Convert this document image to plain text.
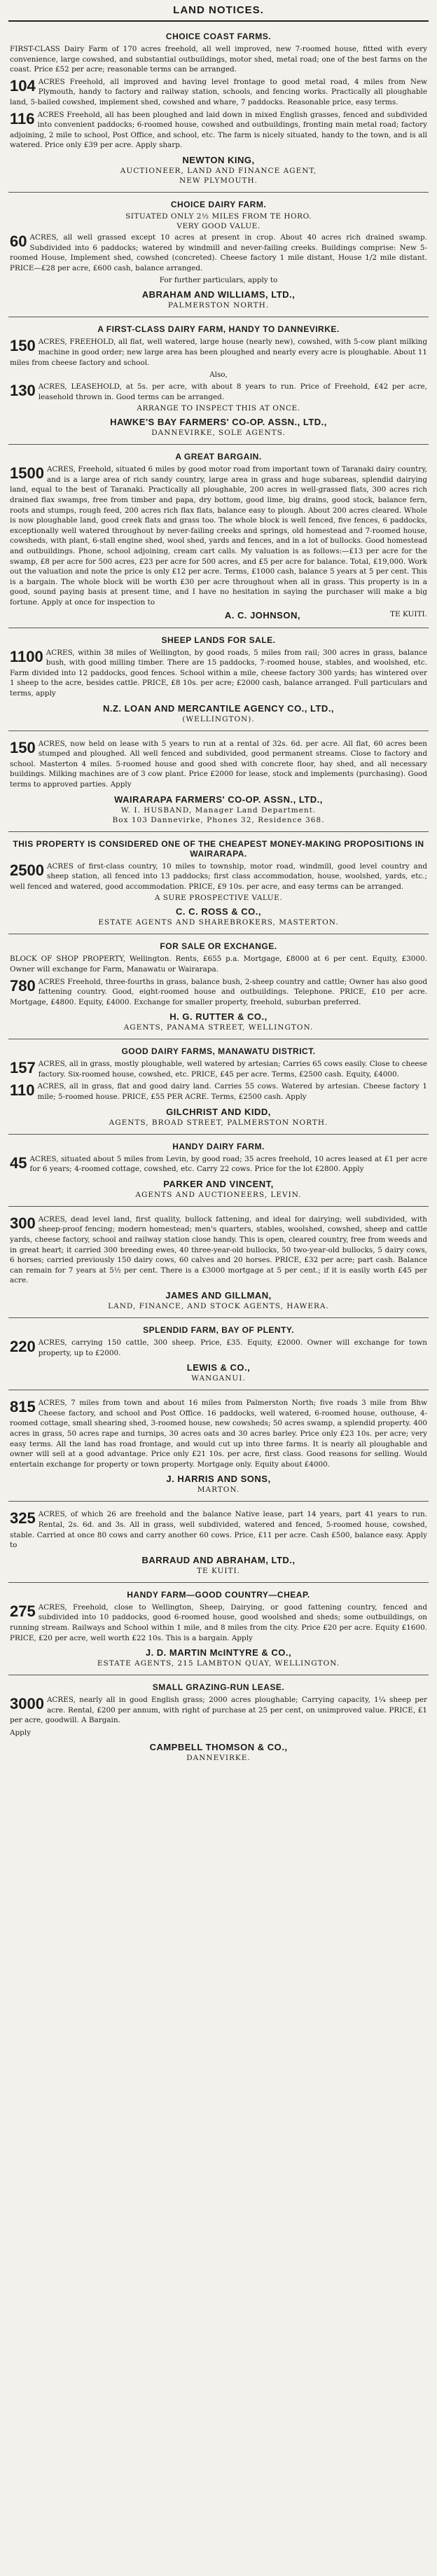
LAND NOTICES.
CHOICE COAST FARMS.
FIRST-CLASS Dairy Farm of 170 acres freehold, all well improved, new 7-roomed house, fitted with every convenience, large cowshed, and substantial outbuildings, motor shed, metal road; one of the best farms on the coast. Price £52 per acre; reasonable terms can be arranged.
104 ACRES Freehold, all improved and having level frontage to good metal road, 4 miles from New Plymouth, handy to factory and railway station, schools, and fencing works. Practically all ploughable land, 5-bailed cowshed, implement shed, cowshed and whare, 7 paddocks. Reasonable price, easy terms.
116 ACRES Freehold, all has been ploughed and laid down in mixed English grasses, fenced and subdivided into convenient paddocks; 6-roomed house, cowshed and outbuildings, fronting main metal road; factory adjoining, 2 mile to school, Post Office, and school, etc. The farm is nicely situated, handy to the town, and is all watered. Price only £39 per acre. Apply sharp.
NEWTON KING,
AUCTIONEER, LAND AND FINANCE AGENT,
NEW PLYMOUTH.
CHOICE DAIRY FARM.
SITUATED ONLY 2½ MILES FROM TE HORO.
VERY GOOD VALUE.
60 ACRES, all well grassed except 10 acres at present in crop. About 40 acres rich drained swamp. Subdivided into 6 paddocks; watered by windmill and never-failing creeks. Buildings comprise: New 5-roomed House, Implement shed, cowshed (concreted). Cheese factory 1 mile distant, House 1/2 mile distant. PRICE—£28 per acre, £600 cash, balance arranged.
For further particulars, apply to
ABRAHAM AND WILLIAMS, LTD.,
PALMERSTON NORTH.
A FIRST-CLASS DAIRY FARM, HANDY TO DANNEVIRKE.
150 ACRES, FREEHOLD, all flat, well watered, large house (nearly new), cowshed, with 5-cow plant milking machine in good order; new large area has been ploughed and nearly every acre is ploughable. About 11 miles from cheese factory and school.
Also,
130 ACRES, LEASEHOLD, at 5s. per acre, with about 8 years to run. Price of Freehold, £42 per acre, leasehold thrown in. Good terms can be arranged.
ARRANGE TO INSPECT THIS AT ONCE.
HAWKE'S BAY FARMERS' CO-OP. ASSN., LTD.,
DANNEVIRKE, SOLE AGENTS.
A GREAT BARGAIN.
1500 ACRES, Freehold, situated 6 miles by good motor road from important town of Taranaki dairy country, and is a large area of rich sandy country, large area in grass and huge subareas, splendid dairying land, equal to the best of Taranaki. Practically all ploughable, 200 acres in well-grassed flats, 300 acres rich drained flax swamps, free from timber and papa, dry bottom, good lime, big drains, good stock, balance fern, roots and stumps, rough feed, 200 acres rich flax flats, balance easy to plough. About 200 acres cleared. Whole is now ploughable land, good creek flats and grass too. The whole block is well fenced, five fences, 6 paddocks, exceptionally well watered throughout by never-failing creeks and springs, old homestead and 7-roomed house, cowsheds, with plant, 6-stall engine shed, wool shed, yards and fences, and in a lot of bullocks. Good homestead and outbuildings. Phone, school adjoining, cream cart calls. My valuation is as follows:—£13 per acre for the swamp, £8 per acre for 500 acres, £23 per acre for 500 acres, and £5 per acre for balance. Total, £19,000. Work out the valuation and note the price is only £12 per acre. Terms, £1000 cash, balance 5 years at 5 per cent. This is a bargain. The whole block will be worth £30 per acre throughout when all in grass. This property is in a good, sound paying basis at present time, and I have no hesitation in saying the purchaser will make a big fortune. Apply at once for inspection to
A. C. JOHNSON,	TE KUITI.
SHEEP LANDS FOR SALE.
1100 ACRES, within 38 miles of Wellington, by good roads, 5 miles from rail; 300 acres in grass, balance bush, with good milling timber. There are 15 paddocks, 7-roomed house, stables, and woolshed, etc. Farm divided into 12 paddocks, good fences. School within a mile, cheese factory 300 yards; has wintered over 1 sheep to the acre, besides cattle. PRICE, £8 10s. per acre; £2000 cash, balance arranged. Full particulars and terms, apply
N.Z. LOAN AND MERCANTILE AGENCY CO., LTD.,
(WELLINGTON).
150 ACRES, now held on lease with 5 years to run at a rental of 32s. 6d. per acre. All flat, 60 acres been stumped and ploughed. All well fenced and subdivided, good permanent streams. Close to factory and school. Masterton 4 miles. 5-roomed house and good shed with concrete floor, hay shed, and all necessary buildings. Milking machines are of 3 cow plant. Price £2000 for lease, stock and implements (purchasing). Good terms to approved parties. Apply
WAIRARAPA FARMERS' CO-OP. ASSN., LTD.,
W. I. HUSBAND, Manager Land Department.
Box 103 Dannevirke, Phones 32, Residence 368.
THIS PROPERTY IS CONSIDERED ONE OF THE CHEAPEST MONEY-MAKING PROPOSITIONS IN WAIRARAPA.
2500 ACRES of first-class country, 10 miles to township, motor road, windmill, good level country and sheep station, all fenced into 13 paddocks; first class accommodation, house, woolshed, yards, etc.; well fenced and watered, good accommodation. PRICE, £9 10s. per acre, and easy terms can be arranged.
A SURE PROSPECTIVE VALUE.
C. C. ROSS & CO.,
ESTATE AGENTS AND SHAREBROKERS, MASTERTON.
FOR SALE OR EXCHANGE.
BLOCK OF SHOP PROPERTY, Wellington. Rents, £655 p.a. Mortgage, £8000 at 6 per cent. Equity, £3000. Owner will exchange for Farm, Manawatu or Wairarapa.
780 ACRES Freehold, three-fourths in grass, balance bush, 2-sheep country and cattle; Owner has also good fattening country. Good, eight-roomed house and outbuildings. Telephone. PRICE, £10 per acre. Mortgage, £4800. Equity, £4000. Exchange for smaller property, freehold, suburban preferred.
H. G. RUTTER & CO.,
AGENTS, PANAMA STREET, WELLINGTON.
GOOD DAIRY FARMS, MANAWATU DISTRICT.
157 ACRES, all in grass, mostly ploughable, well watered by artesian; Carries 65 cows easily. Close to cheese factory. Six-roomed house, cowshed, etc. PRICE, £45 per acre. Terms, £2500 cash. Equity, £4000.
110 ACRES, all in grass, flat and good dairy land. Carries 55 cows. Watered by artesian. Cheese factory 1 mile; 5-roomed house. PRICE, £55 PER ACRE. Terms, £2500 cash. Apply
GILCHRIST AND KIDD,
AGENTS, BROAD STREET, PALMERSTON NORTH.
HANDY DAIRY FARM.
45 ACRES, situated about 5 miles from Levin, by good road; 35 acres freehold, 10 acres leased at £1 per acre for 6 years; 4-roomed cottage, cowshed, etc. Carry 22 cows. Price for the lot £2800. Apply
PARKER AND VINCENT,
AGENTS AND AUCTIONEERS, LEVIN.
300 ACRES, dead level land, first quality, bullock fattening, and ideal for dairying; well subdivided, with sheep-proof fencing; modern homestead; men's quarters, stables, woolshed, cowshed, sheep and cattle yards, cheese factory, school and railway station close handy. This is open, cleared country, free from weeds and in great heart; it carried 300 breeding ewes, 40 three-year-old bullocks, 50 two-year-old bullocks, 5 dairy cows, 6 horses; carried previously 150 dairy cows, 60 calves and 20 horses. PRICE, £32 per acre; part cash. Balance can remain for 7 years at 5½ per cent. There is a £3000 mortgage at 5 per cent.; if it is easily worth £45 per acre.
JAMES AND GILLMAN,
LAND, FINANCE, AND STOCK AGENTS, HAWERA.
SPLENDID FARM, BAY OF PLENTY.
220 ACRES, carrying 150 cattle, 300 sheep. Price, £35. Equity, £2000. Owner will exchange for town property, up to £2000.
LEWIS & CO.,
WANGANUI.
815 ACRES, 7 miles from town and about 16 miles from Palmerston North; five roads 3 mile from Bhw Cheese factory, and school and Post Office. 16 paddocks, well watered, 6-roomed house, outhouse, 4-roomed cottage, small shearing shed, 3-roomed house, new cowsheds; 50 acres swamp, a splendid property. 400 acres in grass, 50 acres rape and turnips, 30 acres oats and 30 acres barley. Price only £23 10s. per acre; very easy terms. All the land has road frontage, and would cut up into three farms. It is nearly all ploughable and owner will sell at a good advantage. Price only £21 10s. per acre, first class. Good reasons for selling. Would entertain exchange for property or town property. Mortgage only. Equity about £4000.
J. HARRIS AND SONS,
MARTON.
325 ACRES, of which 26 are freehold and the balance Native lease, part 14 years, part 41 years to run. Rental, 2s. 6d. and 3s. All in grass, well subdivided, watered and fenced, 5-roomed house, cowshed, stable. Carried at once 80 cows and carry another 60 cows. Price, £11 per acre. Cash £500, balance easy. Apply to
BARRAUD AND ABRAHAM, LTD.,
TE KUITI.
HANDY FARM—GOOD COUNTRY—CHEAP.
275 ACRES, Freehold, close to Wellington, Sheep, Dairying, or good fattening country, fenced and subdivided into 10 paddocks, good 6-roomed house, good woolshed and sheds; some outbuildings, on running stream. Railways and School within 1 mile, and 8 miles from the city. Price £20 per acre. Equity £1600. PRICE, £20 per acre, well worth £22 10s. This is a bargain. Apply
J. D. MARTIN McINTYRE & CO.,
ESTATE AGENTS, 215 LAMBTON QUAY, WELLINGTON.
SMALL GRAZING-RUN LEASE.
3000 ACRES, nearly all in good English grass; 2000 acres ploughable; Carrying capacity, 1¼ sheep per acre. Rental, £200 per annum, with right of purchase at 25 per cent, on unimproved value. PRICE, £1 per acre, goodwill. A Bargain.
Apply
CAMPBELL THOMSON & CO.,
DANNEVIRKE.
